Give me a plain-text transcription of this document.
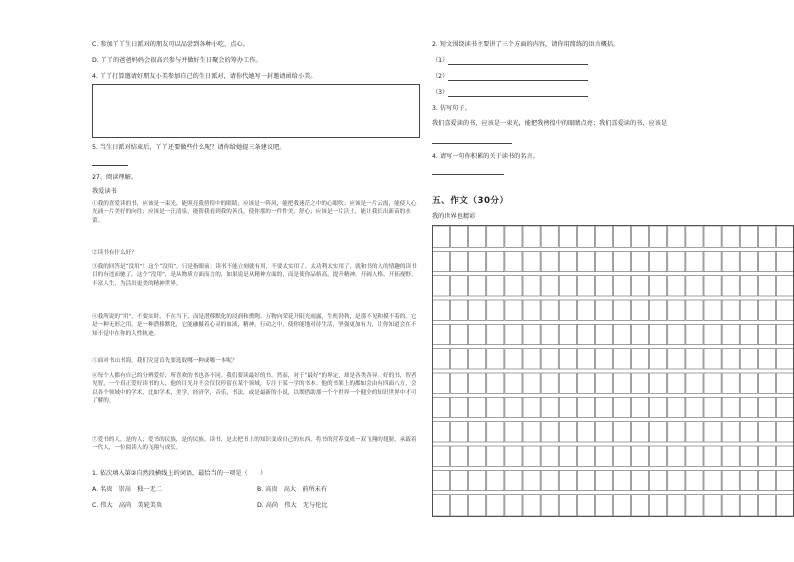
C. 参加丫丫生日派对的朋友可以品尝到各种小吃、点心。
D. 丫丫的爸爸妈妈会很高兴参与并做好生日聚会的筹办工作。
4. 丫丫打算邀请好朋友小美参加自己的生日派对，请你代她写一封邀请函给小美。
5. 当生日派对结束后，丫丫还要做些什么呢？请你给她提三条建议吧。
27、阅读理解。
我爱读书
①我的喜爱读的书，应该是一束光，能照亮我徬徨中的眼睛；应该是一阵风，能把我迷茫之中的心眼吹；应该是一片云霞，能使人心光涌一片美好的向往；应该是一汪清泉，能帮我看到我的善良，使你那的一件件美、舒心；应该是一片沃土，能让我长出新苗的水蕾。
②读书有什么好？
③我的回答是“没用”！这个“没用”，只是指眼前：读书不能立刻就有用，不要太实用了。太功利太实用了，就和书的人的情趣的读书目的有违而驰了。这个“没用”，是从物质方面而言的，如果说是从精神方面的，而是使你品格高，提升精神、开阔人格、开拓视野、丰富人生，为活出更美的精神世界。
④我所说的“用”，不要实时，不在当下，而是潜移默化的浸润和熏陶。万物向荣花开阳光雨露，生机勃勃，是那不见和摸不着的。它是一种无形之用，是一种潜移默化，它能融摄着心灵的血液，精神，行动之中，使你能地对待生活，坚强更加有力，让你知道会在不知不觉中在你的人性轨迹。
⑤面对书山书海，我们究竟首先要选取哪一种或哪一本呢？
⑥每个人都有自己的分辨爱好，所喜欢的书也各不同。我们要读最好的书。然而，对于“最好”的界定，却是各类各异。好的书，智者见智，一个真正爱好读书的人，他的目光并不会仅仅停留在某个领域，专注于某一学的书本。他的书架上的都如会由有四面八方，会以各个领域中的学术，比如学术，美学，经济学，音乐，书法，或是最新的小说，以期借助那一个个世界一个健全的知识世界中才可了解的。
⑦爱书的人，是的人；爱书的民族，是的民族。读书，是去把书上的知识变成自己的东西，将书的营养变成一双飞翔的翅膀，承载着一代人，一位阅读人的飞翔与成长。
1. 依次填入第②自然段横线上的词语，最恰当的一项是（　　）
A. 名贵　崇高　独一无二	B. 高贵　高大　前所未有
C. 伟大　高尚　美轮美奂	D. 高尚　伟大　无与伦比
2. 短文围绕读书主要讲了三个方面的内容，请你用简练的语言概括。
（1）
（2）
（3）
3. 仿写句子。
我们喜爱读的书，应该是一束光，能把我徬徨中的眼睛点亮；我们喜爱读的书，应该是
4. 请写一句你积累的关于读书的名言。
五、作文（30分）
我的世界也精彩
